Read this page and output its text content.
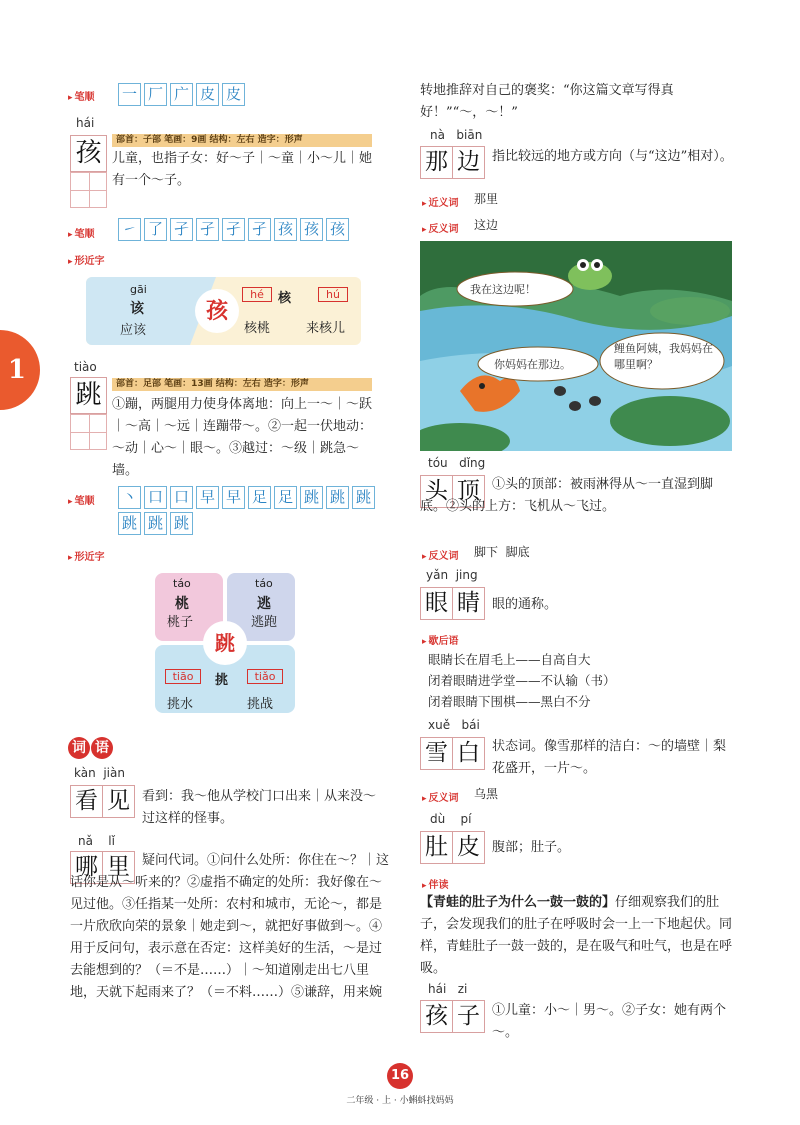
1
▸ 笔顺 一 厂 广 皮 皮
hái
孩	部首：子部 笔画：9画 结构：左右 造字：形声
儿童，也指子女：好～子｜～童｜小～儿｜她有一个～子。
▸ 笔顺 ㇀ 了 孑 孑 孑 孑 孩 孩 孩
▸ 形近字
gāi
该
应该
孩
hé	核	hú
核桃	来核儿
tiào
跳	部首：足部 笔画：13画 结构：左右 造字：形声
①蹦，两腿用力使身体离地：向上一～｜～跃｜～高｜～远｜连蹦带～。②一起一伏地动：～动｜心～｜眼～。③越过：～级｜跳急～墙。
▸ 笔顺 丶 口 口 早 早 足 足 跳 跳 跳
跳 跳 跳
▸ 形近字
táo
桃
桃子
táo
逃
逃跑
tiāo	挑	tiǎo
挑水	挑战
跳
词 语
kàn jiàn
看 见 看到：我～他从学校门口出来｜从来没～过这样的怪事。
nǎ lǐ
哪 里 疑问代词。①问什么处所：你住在～？｜这话你是从～听来的？②虚指不确定的处所：我好像在～见过他。③任指某一处所：农村和城市，无论～，都是一片欣欣向荣的景象｜她走到～，就把好事做到～。④用于反问句，表示意在否定：这样美好的生活，～是过去能想到的？（＝不是……）｜～知道刚走出七八里地，天就下起雨来了？（＝不料……）⑤谦辞，用来婉
转地推辞对自己的褒奖：“你这篇文章写得真好！”“～，～！”
nà biān
那 边 指比较远的地方或方向（与“这边”相对）。
▸ 近义词 那里
▸ 反义词 这边
我在这边呢！
你妈妈在那边。
鲤鱼阿姨，我妈妈在哪里啊？
tóu dǐng
头 顶 ①头的顶部：被雨淋得从～一直湿到脚底。②头的上方：飞机从～飞过。
▸ 反义词 脚下  脚底
yǎn jing
眼 睛 眼的通称。
▸ 歇后语
眼睛长在眉毛上——自高自大
闭着眼睛进学堂——不认输（书）
闭着眼睛下围棋——黑白不分
xuě bái
雪 白 状态词。像雪那样的洁白：～的墙壁｜梨花盛开，一片～。
▸ 反义词 乌黑
dù pí
肚 皮 腹部；肚子。
▸ 伴读
【青蛙的肚子为什么一鼓一鼓的】仔细观察我们的肚子，会发现我们的肚子在呼吸时会一上一下地起伏。同样，青蛙肚子一鼓一鼓的，是在吸气和吐气，也是在呼吸。
hái zi
孩 子 ①儿童：小～｜男～。②子女：她有两个～。
16
二年级 · 上 · 小蝌蚪找妈妈
